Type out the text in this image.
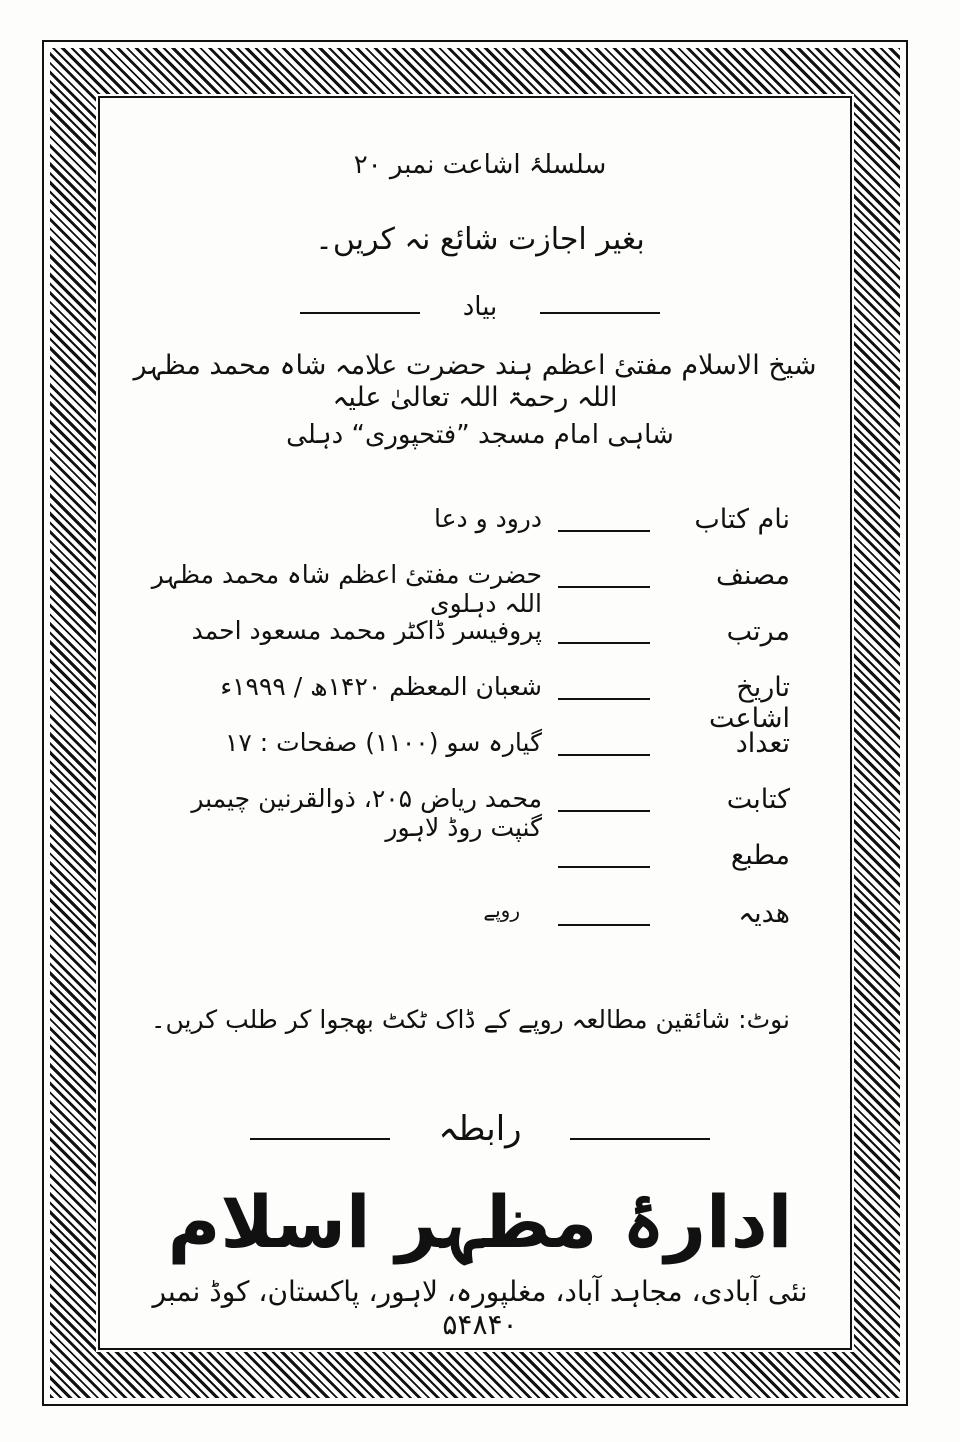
سلسلۂ اشاعت نمبر ۲۰
بغیر اجازت شائع نہ کریں۔
بیاد
شیخ الاسلام مفتیٔ اعظم ہند حضرت علامہ شاہ محمد مظہر اللہ رحمۃ اللہ تعالیٰ علیہ
شاہی امام مسجد ”فتحپوری“ دہلی
نام کتاب
درود و دعا
مصنف
حضرت مفتیٔ اعظم شاہ محمد مظہر اللہ دہلوی
مرتب
پروفیسر ڈاکٹر محمد مسعود احمد
تاریخ اشاعت
شعبان المعظم ۱۴۲۰ھ / ۱۹۹۹ء
تعداد
گیارہ سو (۱۱۰۰) صفحات : ۱۷
کتابت
محمد ریاض ۲۰۵، ذوالقرنین چیمبر گنپت روڈ لاہور
مطبع
ھدیہ
روپے
نوٹ: شائقین مطالعہ روپے کے ڈاک ٹکٹ بھجوا کر طلب کریں۔
رابطہ
ادارۂ مظہر اسلام
نئی آبادی، مجاہد آباد، مغلپورہ، لاہور، پاکستان، کوڈ نمبر ۵۴۸۴۰
